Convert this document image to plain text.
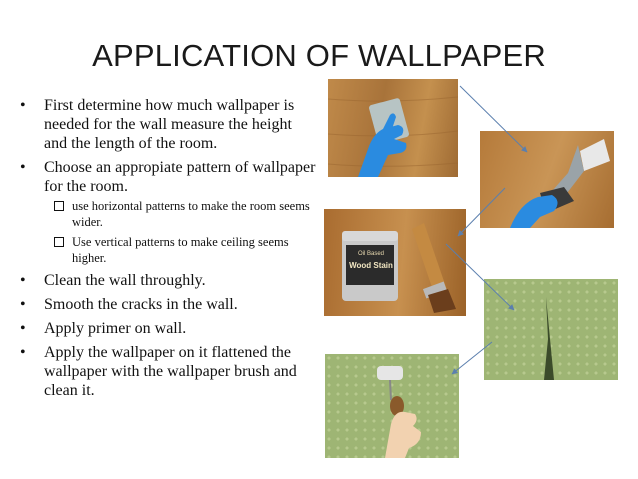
APPLICATION OF WALLPAPER
• First determine how much wallpaper is needed for the wall measure the height and the length of the room.
• Choose an appropiate pattern of wallpaper for the room.
use horizontal patterns to make the room seems wider.
Use vertical patterns to make ceiling seems higher.
• Clean the wall throughly.
• Smooth the cracks in the wall.
• Apply primer on wall.
• Apply the wallpaper on it flattened the wallpaper with the wallpaper brush and clean it.
Oil Based
Wood Stain
